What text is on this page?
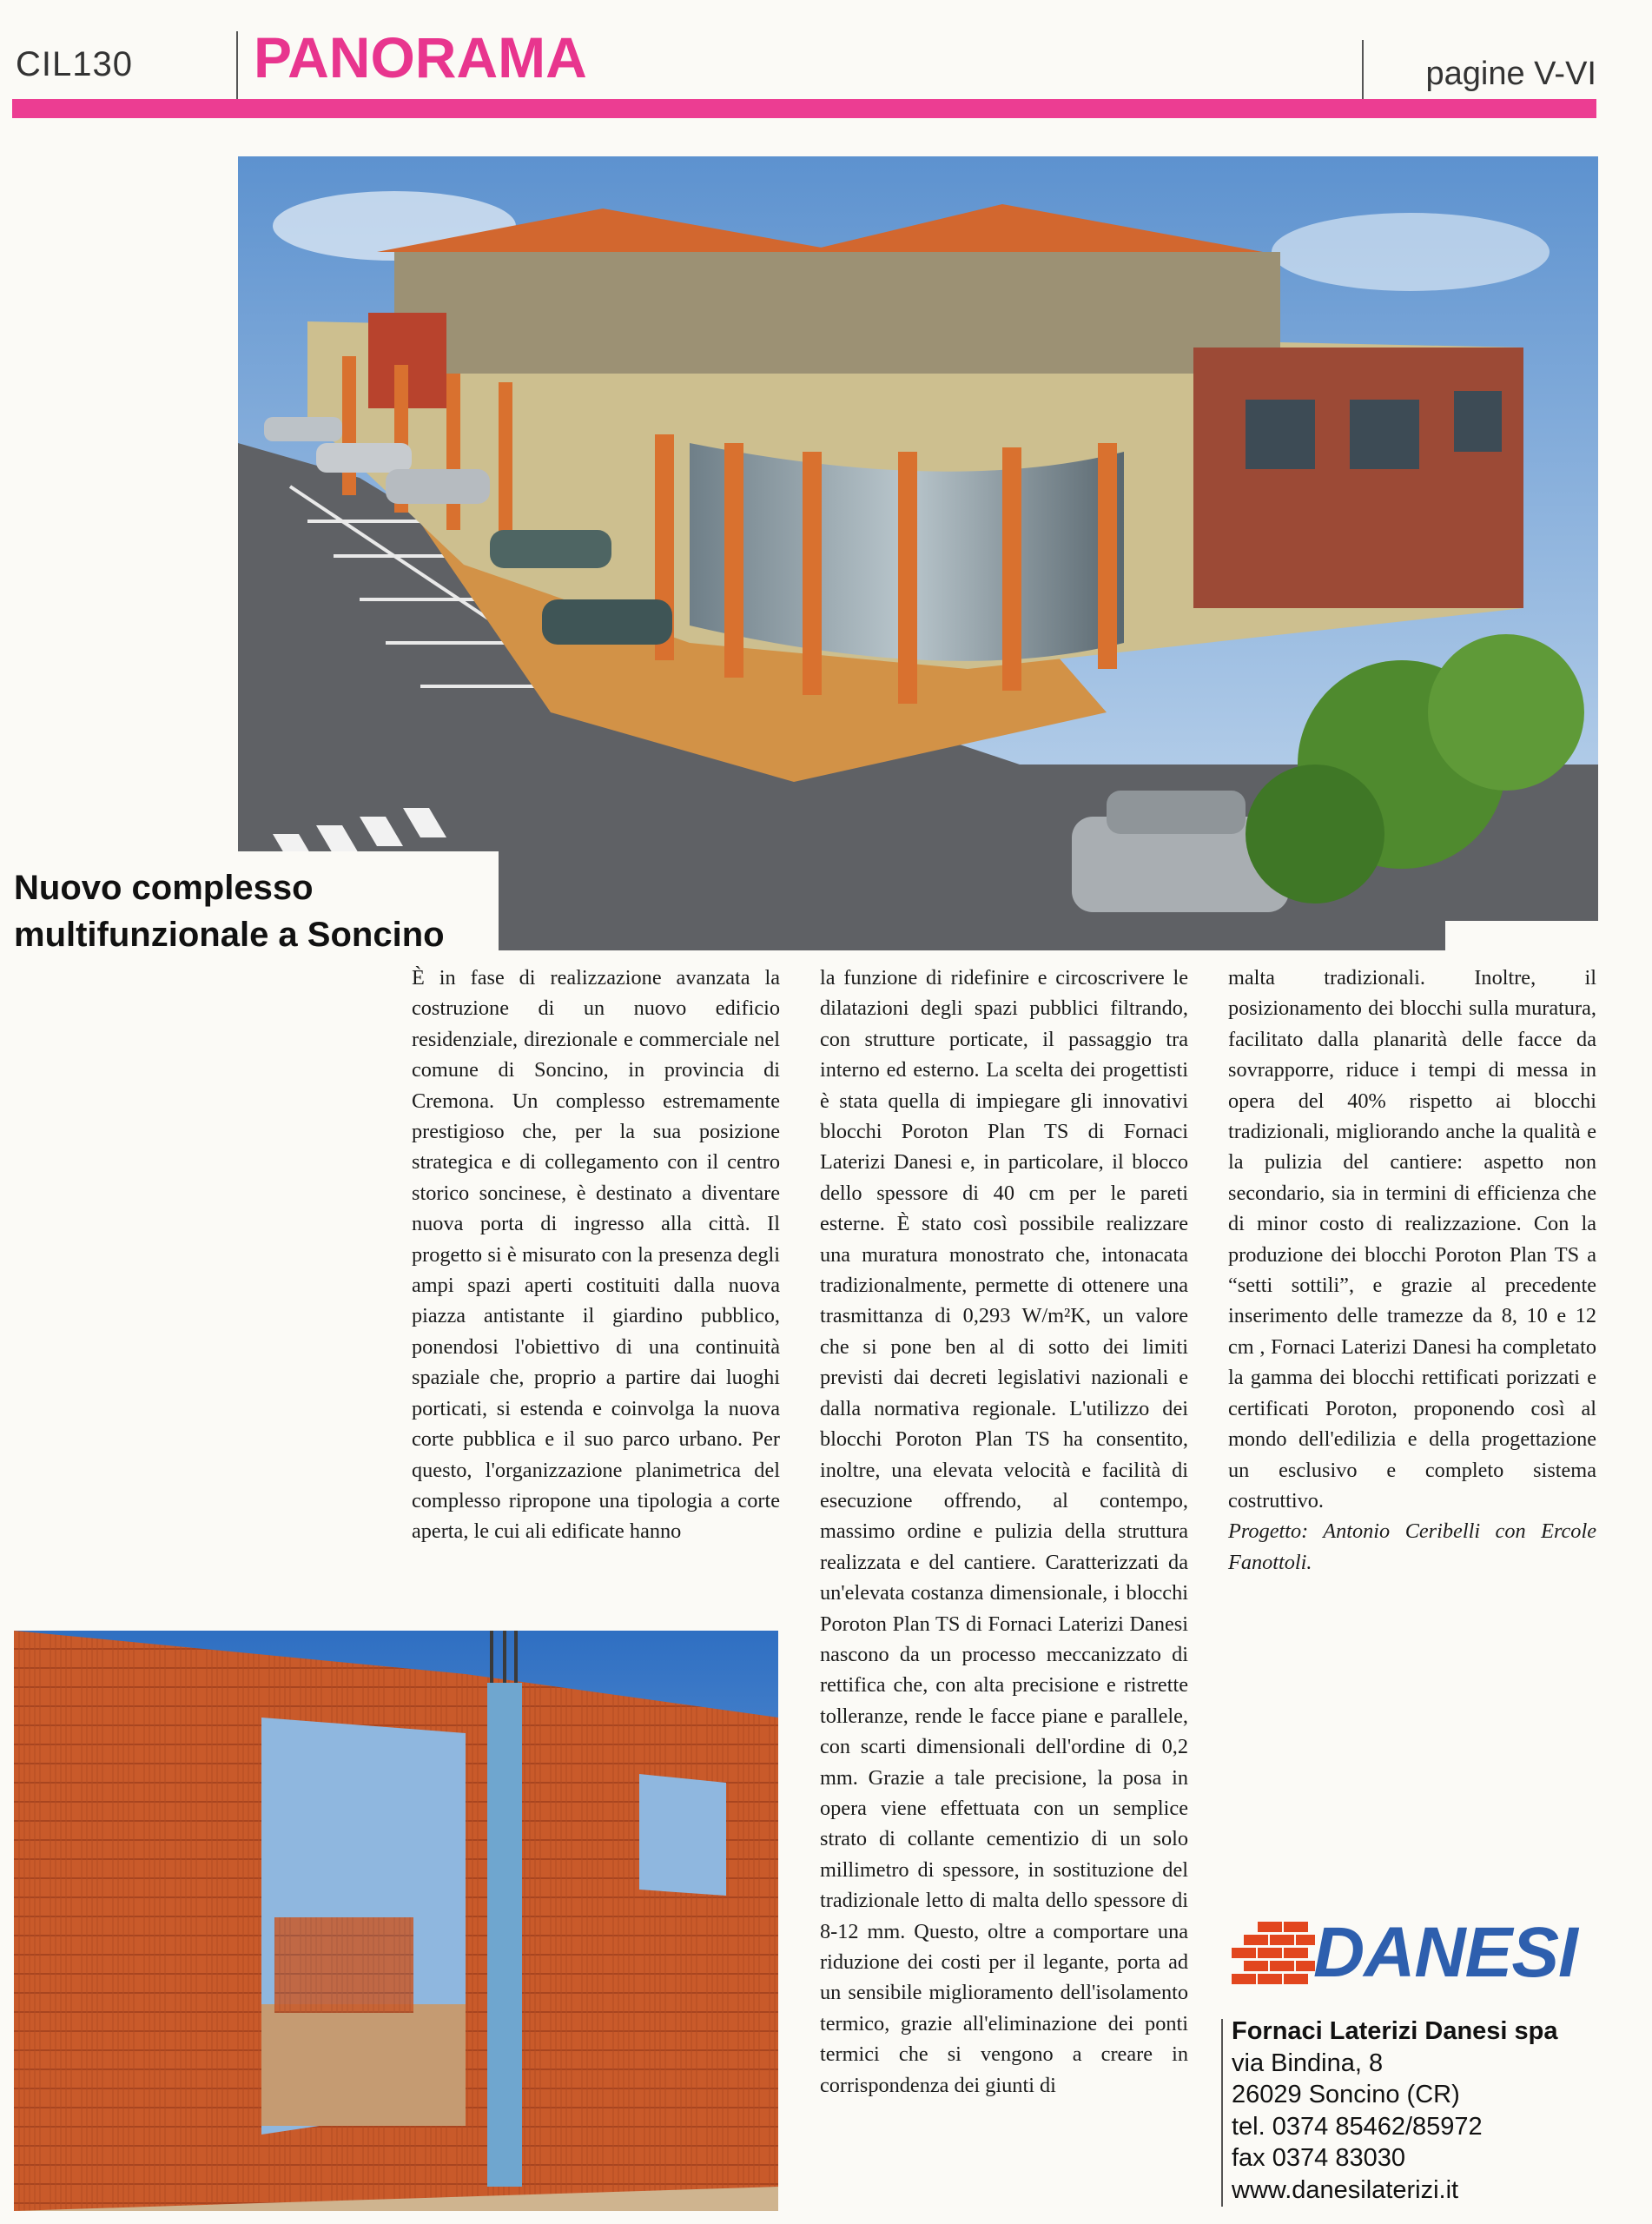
CIL130 PANORAMA	pagine V-VI
Nuovo complesso
multifunzionale a Soncino

È in fase di realizzazione avanzata la costruzione di un nuovo edificio residenziale, direzionale e commerciale nel comune di Soncino, in provincia di Cremona. Un complesso estremamente prestigioso che, per la sua posizione strategica e di collegamento con il centro storico soncinese, è destinato a diventare nuova porta di ingresso alla città. Il progetto si è misurato con la presenza degli ampi spazi aperti costituiti dalla nuova piazza antistante il giardino pubblico, ponendosi l'obiettivo di una continuità spaziale che, proprio a partire dai luoghi porticati, si estenda e coinvolga la nuova corte pubblica e il suo parco urbano. Per questo, l'organizzazione planimetrica del complesso ripropone una tipologia a corte aperta, le cui ali edificate hanno

la funzione di ridefinire e circoscrivere le dilatazioni degli spazi pubblici filtrando, con strutture porticate, il passaggio tra interno ed esterno. La scelta dei progettisti è stata quella di impiegare gli innovativi blocchi Poroton Plan TS di Fornaci Laterizi Danesi e, in particolare, il blocco dello spessore di 40 cm per le pareti esterne. È stato così possibile realizzare una muratura monostrato che, intonacata tradizionalmente, permette di ottenere una trasmittanza di 0,293 W/m²K, un valore che si pone ben al di sotto dei limiti previsti dai decreti legislativi nazionali e dalla normativa regionale. L'utilizzo dei blocchi Poroton Plan TS ha consentito, inoltre, una elevata velocità e facilità di esecuzione offrendo, al contempo, massimo ordine e pulizia della struttura realizzata e del cantiere. Caratterizzati da un'elevata costanza dimensionale, i blocchi Poroton Plan TS di Fornaci Laterizi Danesi nascono da un processo meccanizzato di rettifica che, con alta precisione e ristrette tolleranze, rende le facce piane e parallele, con scarti dimensionali dell'ordine di 0,2 mm. Grazie a tale precisione, la posa in opera viene effettuata con un semplice strato di collante cementizio di un solo millimetro di spessore, in sostituzione del tradizionale letto di malta dello spessore di 8-12 mm. Questo, oltre a comportare una riduzione dei costi per il legante, porta ad un sensibile miglioramento dell'isolamento termico, grazie all'eliminazione dei ponti termici che si vengono a creare in corrispondenza dei giunti di

malta tradizionali. Inoltre, il posizionamento dei blocchi sulla muratura, facilitato dalla planarità delle facce da sovrapporre, riduce i tempi di messa in opera del 40% rispetto ai blocchi tradizionali, migliorando anche la qualità e la pulizia del cantiere: aspetto non secondario, sia in termini di efficienza che di minor costo di realizzazione. Con la produzione dei blocchi Poroton Plan TS a “setti sottili”, e grazie al precedente inserimento delle tramezze da 8, 10 e 12 cm , Fornaci Laterizi Danesi ha completato la gamma dei blocchi rettificati porizzati e certificati Poroton, proponendo così al mondo dell'edilizia e della progettazione un esclusivo e completo sistema costruttivo.

Progetto: Antonio Ceribelli con Ercole Fanottoli.

DANESI
Fornaci Laterizi Danesi spa
via Bindina, 8
26029 Soncino (CR)
tel. 0374 85462/85972
fax 0374 83030
www.danesilaterizi.it
